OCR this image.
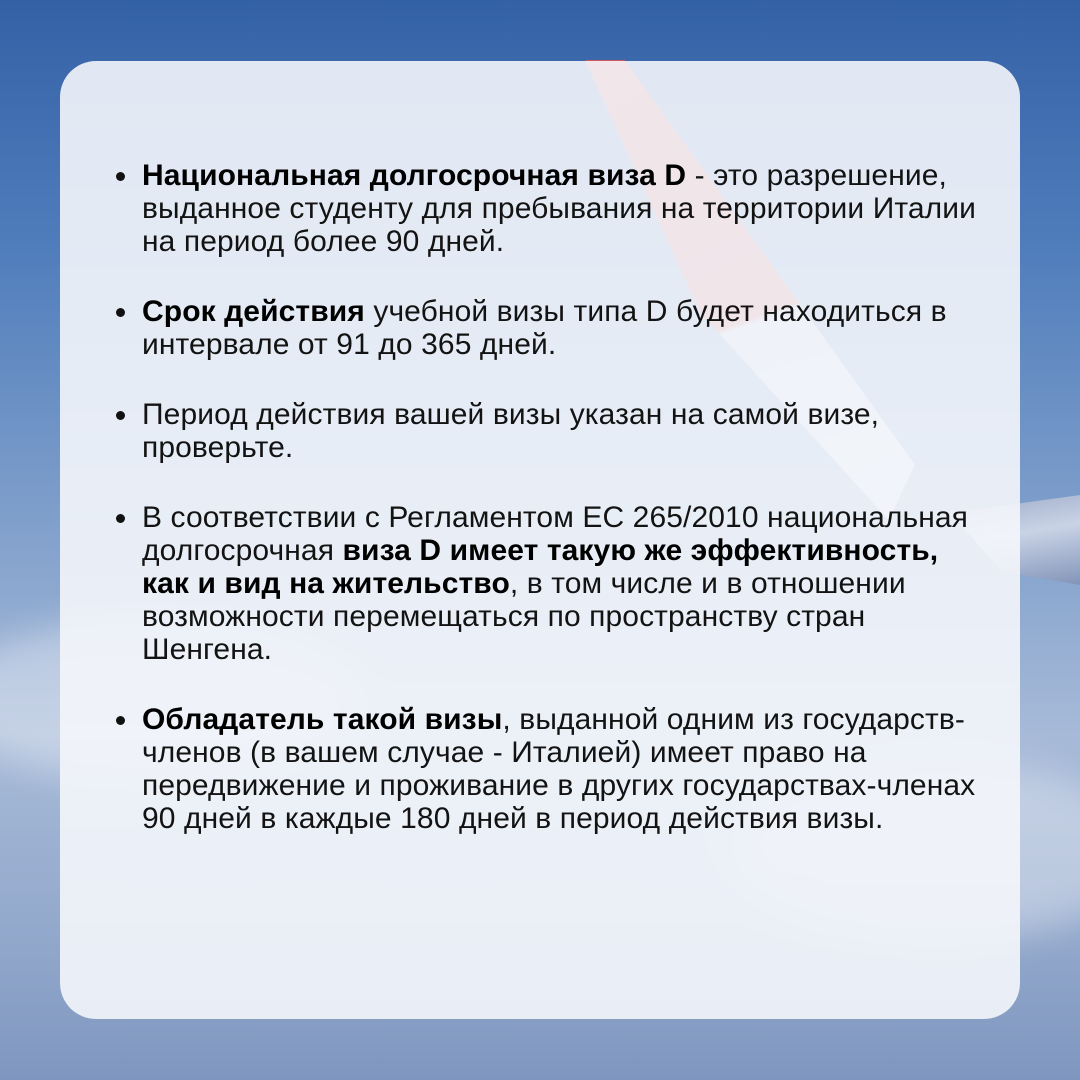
Национальная долгосрочная виза D - это разрешение, выданное студенту для пребывания на территории Италии на период более 90 дней.
Срок действия учебной визы типа D будет находиться в интервале от 91 до 365 дней.
Период действия вашей визы указан на самой визе, проверьте.
В соответствии с Регламентом ЕС 265/2010 национальная долгосрочная виза D имеет такую же эффективность, как и вид на жительство, в том числе и в отношении возможности перемещаться по пространству стран Шенгена.
Обладатель такой визы, выданной одним из государств-членов (в вашем случае - Италией) имеет право на передвижение и проживание в других государствах-членах 90 дней в каждые 180 дней в период действия визы.
